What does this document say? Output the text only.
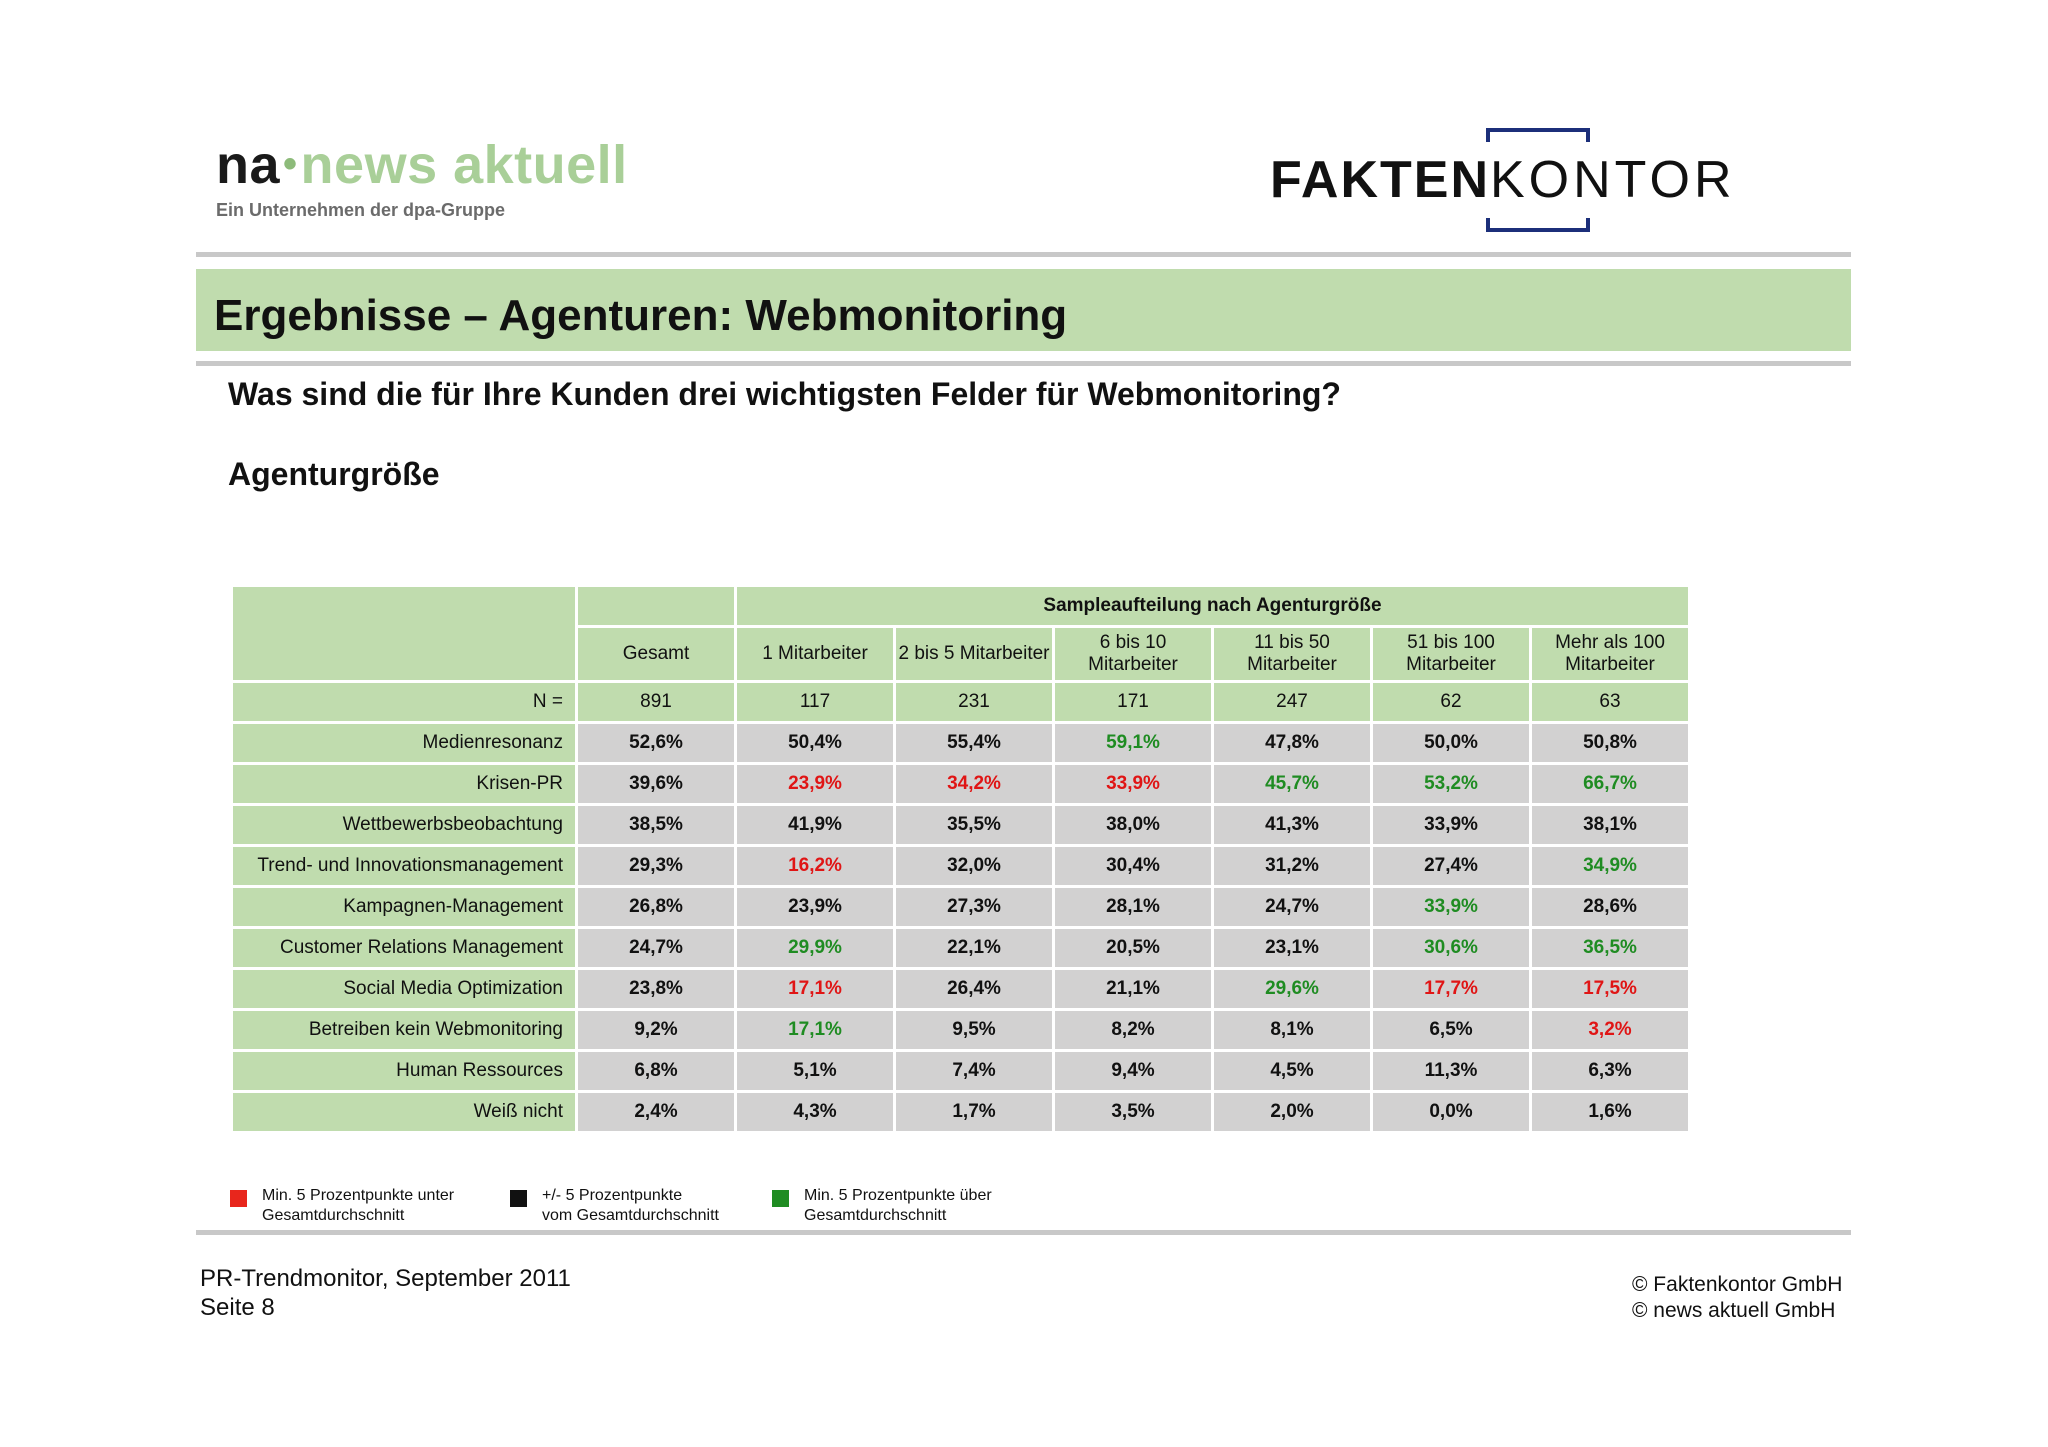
na•news aktuell
Ein Unternehmen der dpa-Gruppe
FAKTENKONTOR
Ergebnisse – Agenturen: Webmonitoring
Was sind die für Ihre Kunden drei wichtigsten Felder für Webmonitoring?
Agenturgröße
		Sampleaufteilung nach Agenturgröße					
	Gesamt	1 Mitarbeiter	2 bis 5 Mitarbeiter	6 bis 10 Mitarbeiter	11 bis 50 Mitarbeiter	51 bis 100 Mitarbeiter	Mehr als 100 Mitarbeiter
N =	891	117	231	171	247	62	63
Medienresonanz	52,6%	50,4%	55,4%	59,1%	47,8%	50,0%	50,8%
Krisen-PR	39,6%	23,9%	34,2%	33,9%	45,7%	53,2%	66,7%
Wettbewerbsbeobachtung	38,5%	41,9%	35,5%	38,0%	41,3%	33,9%	38,1%
Trend- und Innovationsmanagement	29,3%	16,2%	32,0%	30,4%	31,2%	27,4%	34,9%
Kampagnen-Management	26,8%	23,9%	27,3%	28,1%	24,7%	33,9%	28,6%
Customer Relations Management	24,7%	29,9%	22,1%	20,5%	23,1%	30,6%	36,5%
Social Media Optimization	23,8%	17,1%	26,4%	21,1%	29,6%	17,7%	17,5%
Betreiben kein Webmonitoring	9,2%	17,1%	9,5%	8,2%	8,1%	6,5%	3,2%
Human Ressources	6,8%	5,1%	7,4%	9,4%	4,5%	11,3%	6,3%
Weiß nicht	2,4%	4,3%	1,7%	3,5%	2,0%	0,0%	1,6%
Min. 5 Prozentpunkte unter
Gesamtdurchschnitt
+/- 5 Prozentpunkte
vom Gesamtdurchschnitt
Min. 5 Prozentpunkte über
Gesamtdurchschnitt
PR-Trendmonitor, September 2011
Seite 8
© Faktenkontor GmbH
© news aktuell GmbH
